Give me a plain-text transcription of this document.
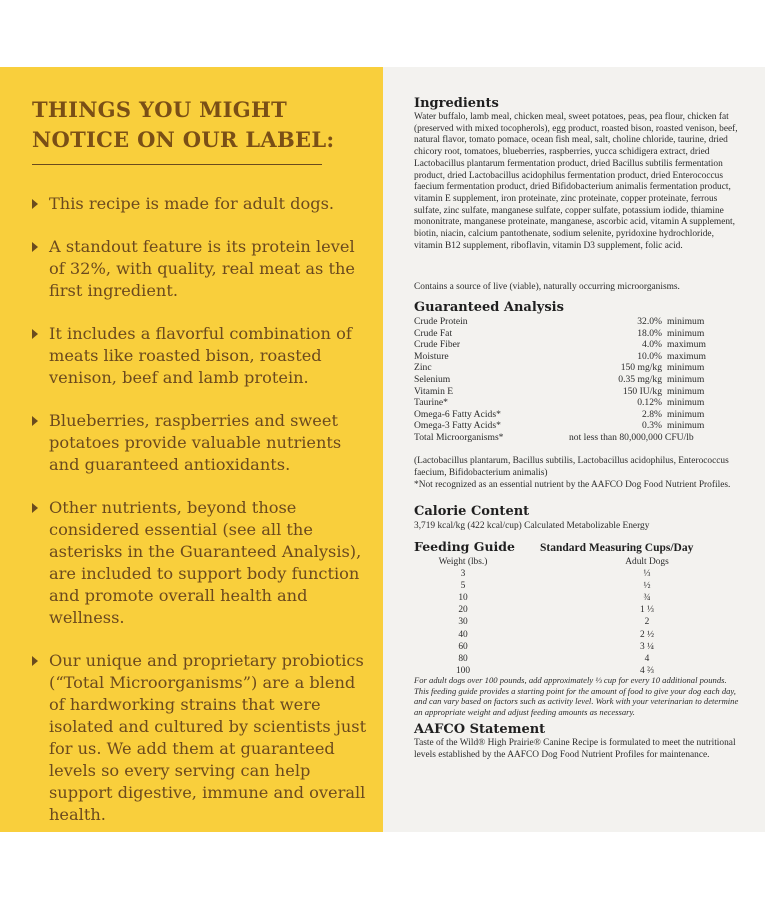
THINGS YOU MIGHT
NOTICE ON OUR LABEL:
This recipe is made for adult dogs.
A standout feature is its protein level of 32%, with quality, real meat as the first ingredient.
It includes a flavorful combination of meats like roasted bison, roasted venison, beef and lamb protein.
Blueberries, raspberries and sweet potatoes provide valuable nutrients and guaranteed antioxidants.
Other nutrients, beyond those considered essential (see all the asterisks in the Guaranteed Analysis), are included to support body function and promote overall health and wellness.
Our unique and proprietary probiotics (“Total Microorganisms”) are a blend of hardworking strains that were isolated and cultured by scientists just for us. We add them at guaranteed levels so every serving can help support digestive, immune and overall health.
Ingredients
Water buffalo, lamb meal, chicken meal, sweet potatoes, peas, pea flour, chicken fat (preserved with mixed tocopherols), egg product, roasted bison, roasted venison, beef, natural flavor, tomato pomace, ocean fish meal, salt, choline chloride, taurine, dried chicory root, tomatoes, blueberries, raspberries, yucca schidigera extract, dried Lactobacillus plantarum fermentation product, dried Bacillus subtilis fermentation product, dried Lactobacillus acidophilus fermentation product, dried Enterococcus faecium fermentation product, dried Bifidobacterium animalis fermentation product, vitamin E supplement, iron proteinate, zinc proteinate, copper proteinate, ferrous sulfate, zinc sulfate, manganese sulfate, copper sulfate, potassium iodide, thiamine mononitrate, manganese proteinate, manganese, ascorbic acid, vitamin A supplement, biotin, niacin, calcium pantothenate, sodium selenite, pyridoxine hydrochloride, vitamin B12 supplement, riboflavin, vitamin D3 supplement, folic acid.
Contains a source of live (viable), naturally occurring microorganisms.
Guaranteed Analysis
Crude Protein	32.0%	minimum
Crude Fat	18.0%	minimum
Crude Fiber	4.0%	maximum
Moisture	10.0%	maximum
Zinc	150 mg/kg	minimum
Selenium	0.35 mg/kg	minimum
Vitamin E	150 IU/kg	minimum
Taurine*	0.12%	minimum
Omega-6 Fatty Acids*	2.8%	minimum
Omega-3 Fatty Acids*	0.3%	minimum
Total Microorganisms*	not less than 80,000,000 CFU/lb	
(Lactobacillus plantarum, Bacillus subtilis, Lactobacillus acidophilus, Enterococcus faecium, Bifidobacterium animalis)
*Not recognized as an essential nutrient by the AAFCO Dog Food Nutrient Profiles.
Calorie Content
3,719 kcal/kg (422 kcal/cup) Calculated Metabolizable Energy
Feeding Guide Standard Measuring Cups/Day
Weight (lbs.)	Adult Dogs
3	⅓
5	½
10	¾
20	1 ⅓
30	2
40	2 ½
60	3 ¼
80	4
100	4 ⅔
For adult dogs over 100 pounds, add approximately ⅓ cup for every 10 additional pounds. This feeding guide provides a starting point for the amount of food to give your dog each day, and can vary based on factors such as activity level. Work with your veterinarian to determine an appropriate weight and adjust feeding amounts as necessary.
AAFCO Statement
Taste of the Wild® High Prairie® Canine Recipe is formulated to meet the nutritional levels established by the AAFCO Dog Food Nutrient Profiles for maintenance.
